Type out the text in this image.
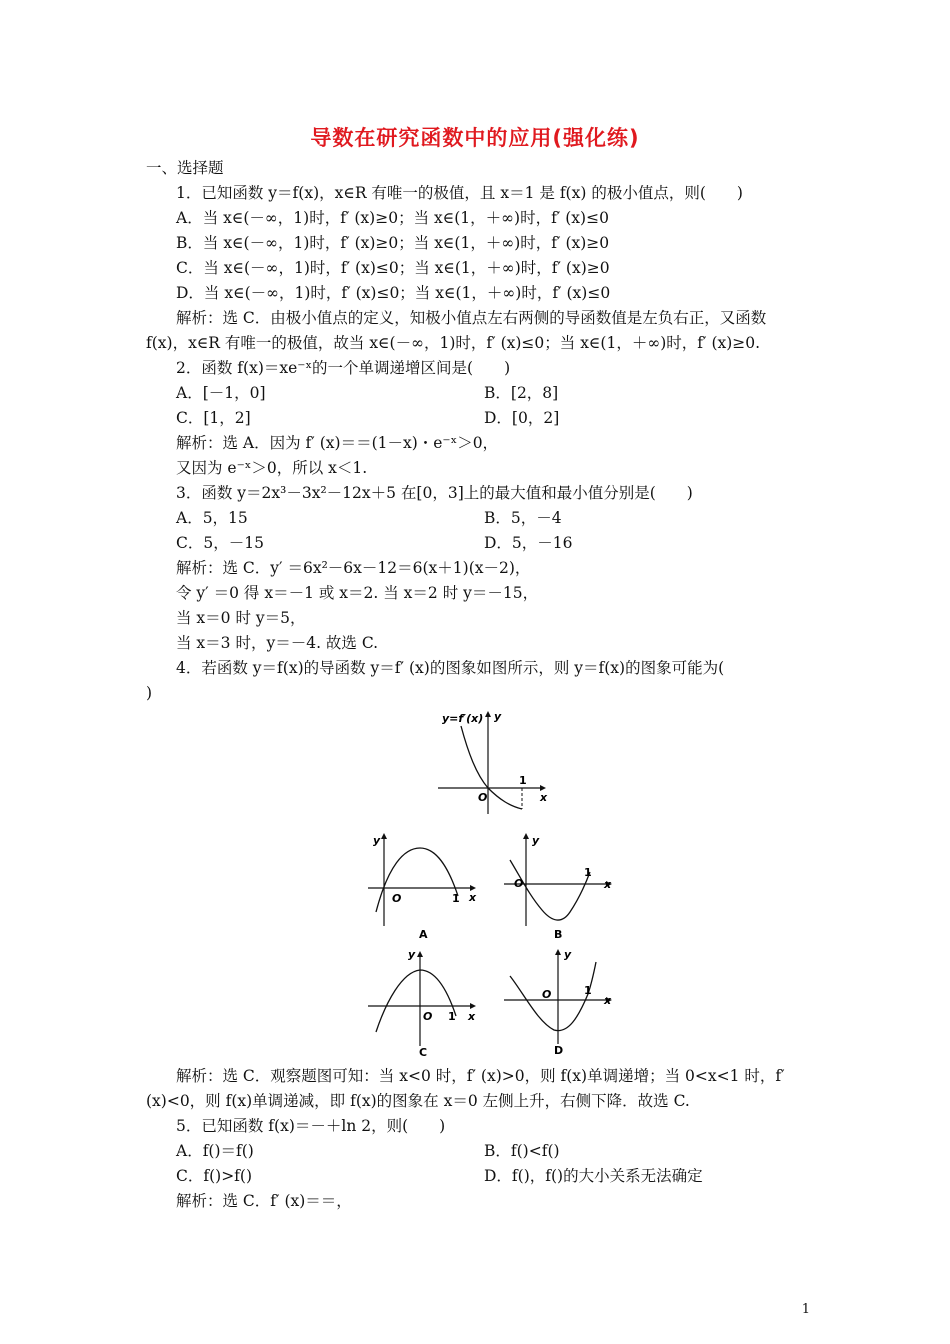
导数在研究函数中的应用(强化练)
一、选择题
1．已知函数 y＝f(x)，x∈R 有唯一的极值，且 x＝1 是 f(x) 的极小值点，则(　　)
A．当 x∈(－∞，1)时，f′ (x)≥0；当 x∈(1，＋∞)时，f′ (x)≤0
B．当 x∈(－∞，1)时，f′ (x)≥0；当 x∈(1，＋∞)时，f′ (x)≥0
C．当 x∈(－∞，1)时，f′ (x)≤0；当 x∈(1，＋∞)时，f′ (x)≥0
D．当 x∈(－∞，1)时，f′ (x)≤0；当 x∈(1，＋∞)时，f′ (x)≤0
解析：选 C．由极小值点的定义，知极小值点左右两侧的导函数值是左负右正，又函数
f(x)，x∈R 有唯一的极值，故当 x∈(－∞，1)时，f′ (x)≤0；当 x∈(1，＋∞)时，f′ (x)≥0.
2．函数 f(x)＝xe⁻ˣ的一个单调递增区间是(　　)
A．[－1，0]	B．[2，8]
C．[1，2]	D．[0，2]
解析：选 A．因为 f′ (x)＝＝(1－x)・e⁻ˣ＞0，
又因为 e⁻ˣ＞0，所以 x＜1.
3．函数 y＝2x³－3x²－12x＋5 在[0，3]上的最大值和最小值分别是(　　)
A．5，15	B．5，－4
C．5，－15	D．5，－16
解析：选 C．y′ ＝6x²－6x－12＝6(x＋1)(x－2)，
令 y′ ＝0 得 x＝－1 或 x＝2. 当 x＝2 时 y＝－15，
当 x＝0 时 y＝5，
当 x＝3 时，y＝－4. 故选 C.
4．若函数 y＝f(x)的导函数 y＝f′ (x)的图象如图所示，则 y＝f(x)的图象可能为(
)
y=f′(x) y
x
O
1
y
x
O	1
A
y
x
O
1
B
y
x
O 1
C
y
x
O	1
D
解析：选 C．观察题图可知：当 x<0 时，f′ (x)>0，则 f(x)单调递增；当 0<x<1 时，f′
(x)<0，则 f(x)单调递减，即 f(x)的图象在 x＝0 左侧上升，右侧下降．故选 C.
5．已知函数 f(x)＝－＋ln 2，则(　　)
A．f()＝f()	B．f()<f()
C．f()>f()	D．f()，f()的大小关系无法确定
解析：选 C．f′ (x)＝＝，
1
